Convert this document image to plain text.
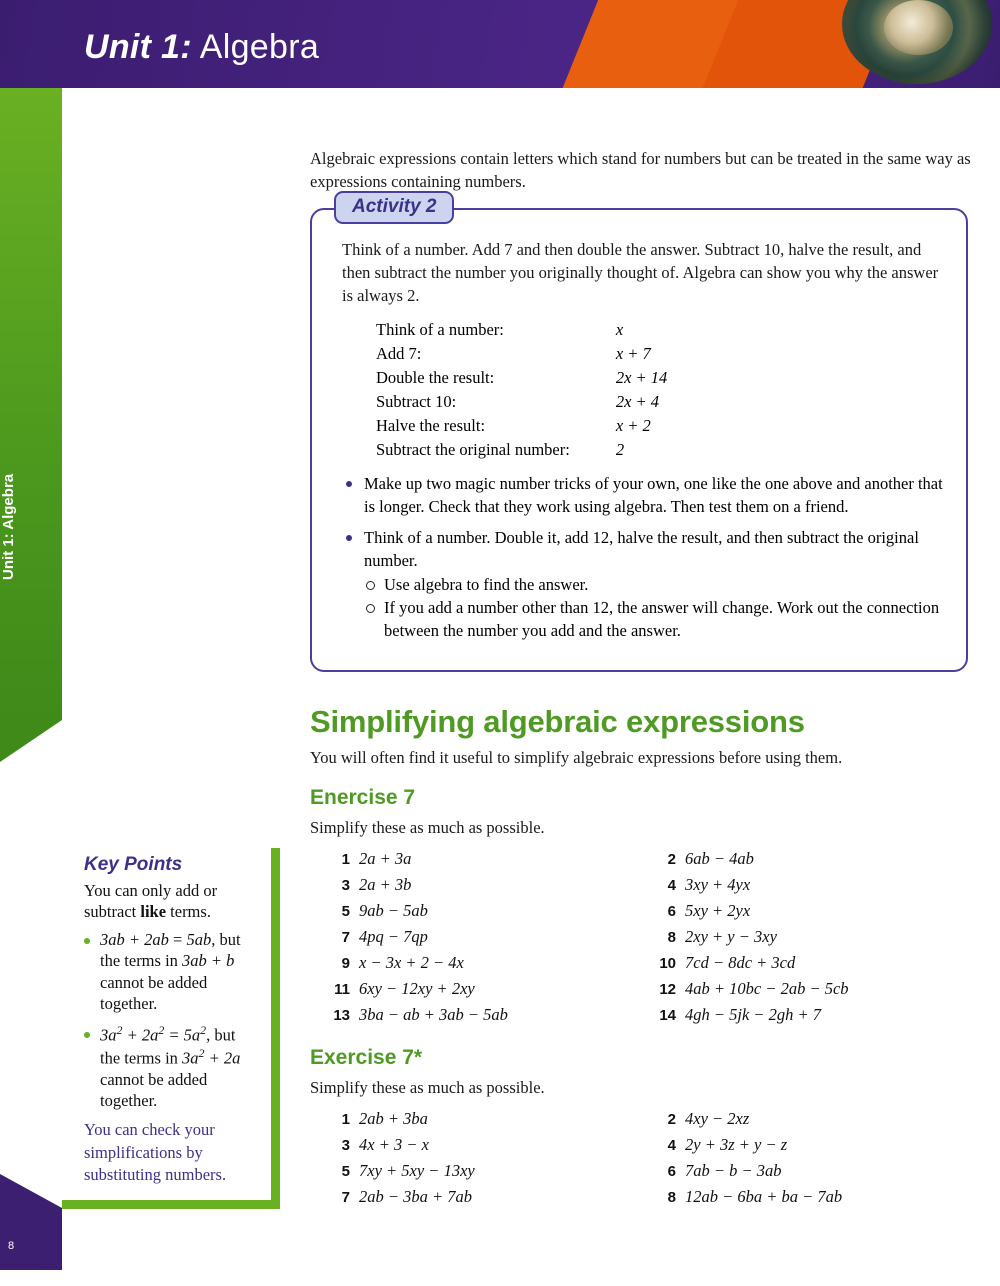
Unit 1: Algebra
Unit 1: Algebra

Algebraic expressions contain letters which stand for numbers but can be treated in the same way as expressions containing numbers.

Activity 2

Think of a number. Add 7 and then double the answer. Subtract 10, halve the result, and then subtract the number you originally thought of. Algebra can show you why the answer is always 2.

Think of a number:	x
Add 7:	x + 7
Double the result:	2x + 14
Subtract 10:	2x + 4
Halve the result:	x + 2
Subtract the original number:	2
Make up two magic number tricks of your own, one like the one above and another that is longer. Check that they work using algebra. Then test them on a friend.
Think of a number. Double it, add 12, halve the result, and then subtract the original number.
Use algebra to find the answer.
If you add a number other than 12, the answer will change. Work out the connection between the number you add and the answer.
Simplifying algebraic expressions

You will often find it useful to simplify algebraic expressions before using them.

Enercise 7

Simplify these as much as possible.

1 2a + 3a	2 6ab − 4ab
3 2a + 3b	4 3xy + 4yx
5 9ab − 5ab	6 5xy + 2yx
7 4pq − 7qp	8 2xy + y − 3xy
9 x − 3x + 2 − 4x	10 7cd − 8dc + 3cd
11 6xy − 12xy + 2xy	12 4ab + 10bc − 2ab − 5cb
13 3ba − ab + 3ab − 5ab	14 4gh − 5jk − 2gh + 7
Exercise 7*

Simplify these as much as possible.

1 2ab + 3ba	2 4xy − 2xz
3 4x + 3 − x	4 2y + 3z + y − z
5 7xy + 5xy − 13xy	6 7ab − b − 3ab
7 2ab − 3ba + 7ab	8 12ab − 6ba + ba − 7ab
Key Points

You can only add or subtract like terms.

3ab + 2ab = 5ab, but the terms in 3ab + b cannot be added together.
$3a^2 + 2a^2 = 5a^2$, but the terms in $3a^2 + 2a$ cannot be added together.
You can check your simplifications by substituting numbers.
8
